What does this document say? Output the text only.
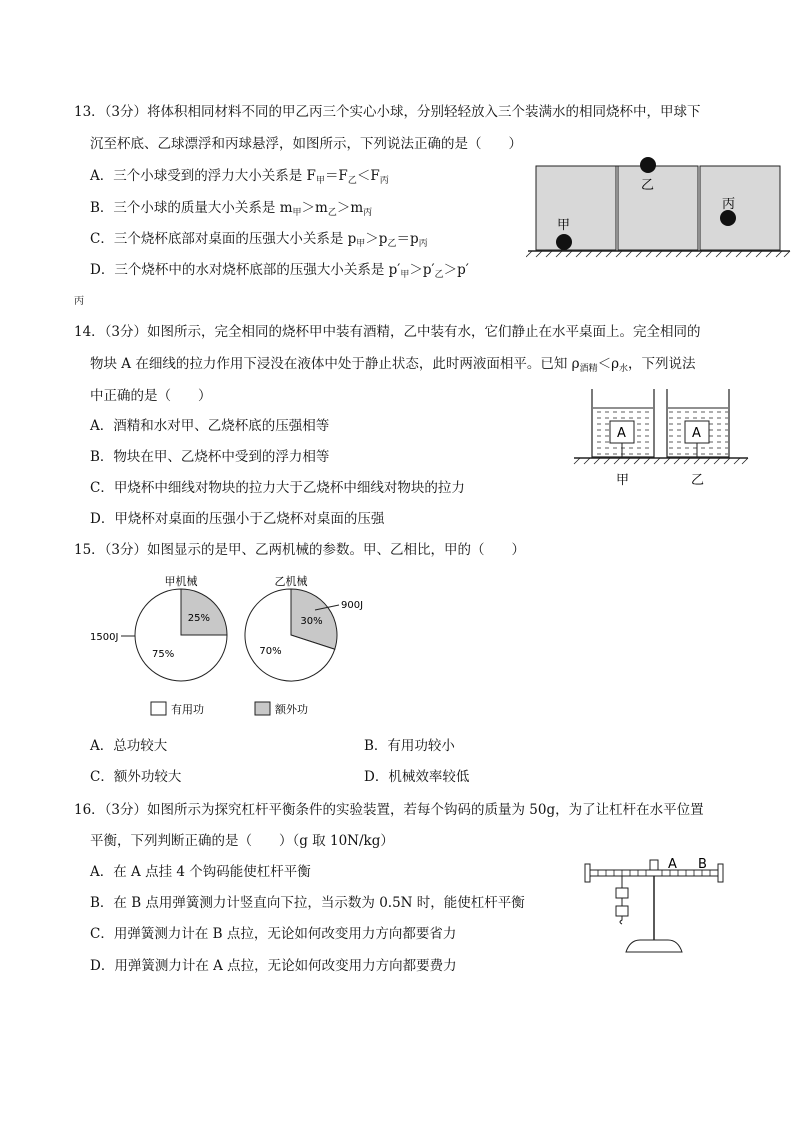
13．（3分）将体积相同材料不同的甲乙丙三个实心小球，分别轻轻放入三个装满水的相同烧杯中，甲球下
沉至杯底、乙球漂浮和丙球悬浮，如图所示，下列说法正确的是（　　）
A．三个小球受到的浮力大小关系是 $F_甲=F_乙<F_丙$
B．三个小球的质量大小关系是 $m_甲>m_乙>m_丙$
C．三个烧杯底部对桌面的压强大小关系是 $p_甲>p_乙=p_丙$
D．三个烧杯中的水对烧杯底部的压强大小关系是 $p'_甲>p'_乙>p'$
丙
甲
乙
丙
14．（3分）如图所示，完全相同的烧杯甲中装有酒精，乙中装有水，它们静止在水平桌面上。完全相同的
物块 A 在细线的拉力作用下浸没在液体中处于静止状态，此时两液面相平。已知 $\rho_{酒精}<\rho_水$，下列说法
中正确的是（　　）
A．酒精和水对甲、乙烧杯底的压强相等
B．物块在甲、乙烧杯中受到的浮力相等
C．甲烧杯中细线对物块的拉力大于乙烧杯中细线对物块的拉力
D．甲烧杯对桌面的压强小于乙烧杯对桌面的压强
A	A
甲	乙
15．（3分）如图显示的是甲、乙两机械的参数。甲、乙相比，甲的（　　）
甲机械	乙机械
25%
75%
30%
70%
1500J
900J
有用功	额外功
A．总功较大	B．有用功较小
C．额外功较大	D．机械效率较低
16．（3分）如图所示为探究杠杆平衡条件的实验装置，若每个钩码的质量为 50g，为了让杠杆在水平位置
平衡，下列判断正确的是（　　）（g 取 10N/kg）
A．在 A 点挂 4 个钩码能使杠杆平衡
B．在 B 点用弹簧测力计竖直向下拉，当示数为 0.5N 时，能使杠杆平衡
C．用弹簧测力计在 B 点拉，无论如何改变用力方向都要省力
D．用弹簧测力计在 A 点拉，无论如何改变用力方向都要费力
A B
